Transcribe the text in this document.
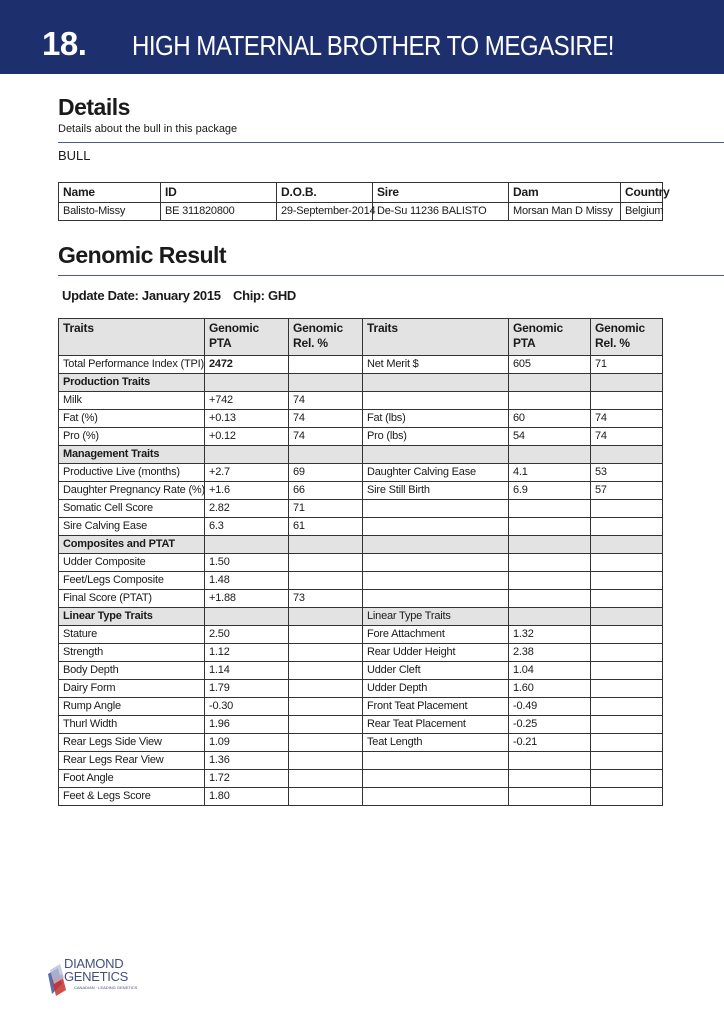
18. HIGH MATERNAL BROTHER TO MEGASIRE!
Details
Details about the bull in this package
BULL
Name	ID	D.O.B.	Sire	Dam	Country
Balisto-Missy	BE 311820800	29-September-2014	De-Su 11236 BALISTO	Morsan Man D Missy	Belgium
Genomic Result
Update Date: January 2015 Chip: GHD
Traits	Genomic PTA	Genomic Rel. %	Traits	Genomic PTA	Genomic Rel. %
Total Performance Index (TPI)	2472		Net Merit $	605	71
Production Traits					
Milk	+742	74			
Fat (%)	+0.13	74	Fat (lbs)	60	74
Pro (%)	+0.12	74	Pro (lbs)	54	74
Management Traits					
Productive Live (months)	+2.7	69	Daughter Calving Ease	4.1	53
Daughter Pregnancy Rate (%)	+1.6	66	Sire Still Birth	6.9	57
Somatic Cell Score	2.82	71			
Sire Calving Ease	6.3	61			
Composites and PTAT					
Udder Composite	1.50				
Feet/Legs Composite	1.48				
Final Score (PTAT)	+1.88	73			
Linear Type Traits			Linear Type Traits		
Stature	2.50		Fore Attachment	1.32	
Strength	1.12		Rear Udder Height	2.38	
Body Depth	1.14		Udder Cleft	1.04	
Dairy Form	1.79		Udder Depth	1.60	
Rump Angle	-0.30		Front Teat Placement	-0.49	
Thurl Width	1.96		Rear Teat Placement	-0.25	
Rear Legs Side View	1.09		Teat Length	-0.21	
Rear Legs Rear View	1.36				
Foot Angle	1.72				
Feet & Legs Score	1.80				
DIAMOND
GENETICS
CANADIAN · LEADING GENETICS
